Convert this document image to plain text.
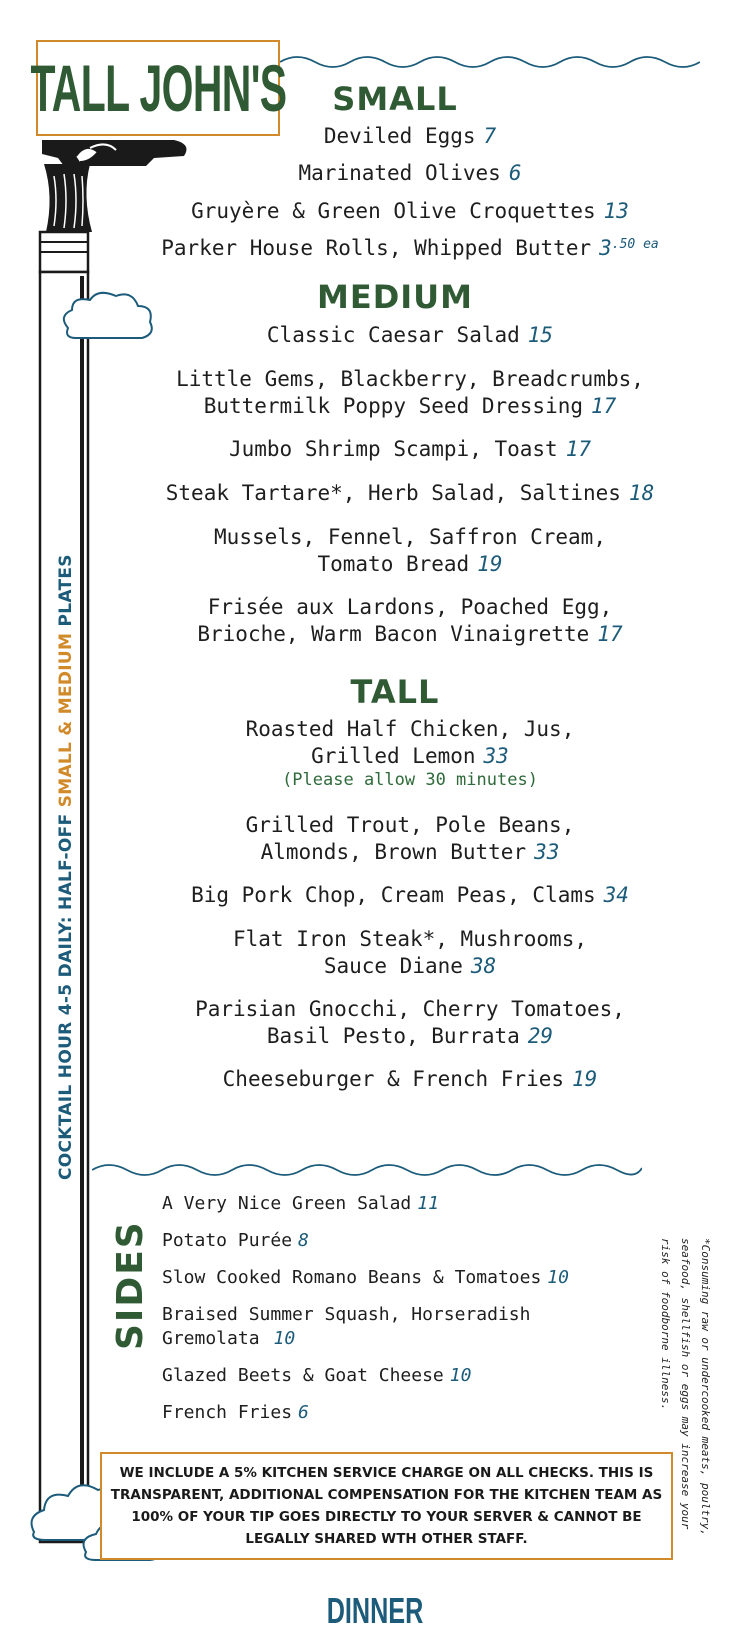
TALL JOHN'S
COCKTAIL HOUR 4-5 DAILY: HALF-OFF SMALL & MEDIUM PLATES
SMALL
Deviled Eggs 7
Marinated Olives 6
Gruyère & Green Olive Croquettes 13
Parker House Rolls, Whipped Butter $3^{.50 ea}$
MEDIUM
Classic Caesar Salad 15
Little Gems, Blackberry, Breadcrumbs,
Buttermilk Poppy Seed Dressing 17
Jumbo Shrimp Scampi, Toast 17
Steak Tartare*, Herb Salad, Saltines 18
Mussels, Fennel, Saffron Cream,
Tomato Bread 19
Frisée aux Lardons, Poached Egg,
Brioche, Warm Bacon Vinaigrette 17
TALL
Roasted Half Chicken, Jus,
Grilled Lemon 33
(Please allow 30 minutes)
Grilled Trout, Pole Beans,
Almonds, Brown Butter 33
Big Pork Chop, Cream Peas, Clams 34
Flat Iron Steak*, Mushrooms,
Sauce Diane 38
Parisian Gnocchi, Cherry Tomatoes,
Basil Pesto, Burrata 29
Cheeseburger & French Fries 19
SIDES
A Very Nice Green Salad 11
Potato Purée 8
Slow Cooked Romano Beans & Tomatoes 10
Braised Summer Squash, Horseradish
Gremolata 10
Glazed Beets & Goat Cheese 10
French Fries 6	*Consuming raw or undercooked meats, poultry,
seafood, shellfish or eggs may increase your
risk of foodborne illness.
WE INCLUDE A 5% KITCHEN SERVICE CHARGE ON ALL CHECKS. THIS IS
TRANSPARENT, ADDITIONAL COMPENSATION FOR THE KITCHEN TEAM AS
100% OF YOUR TIP GOES DIRECTLY TO YOUR SERVER & CANNOT BE
LEGALLY SHARED WTH OTHER STAFF.
DINNER
